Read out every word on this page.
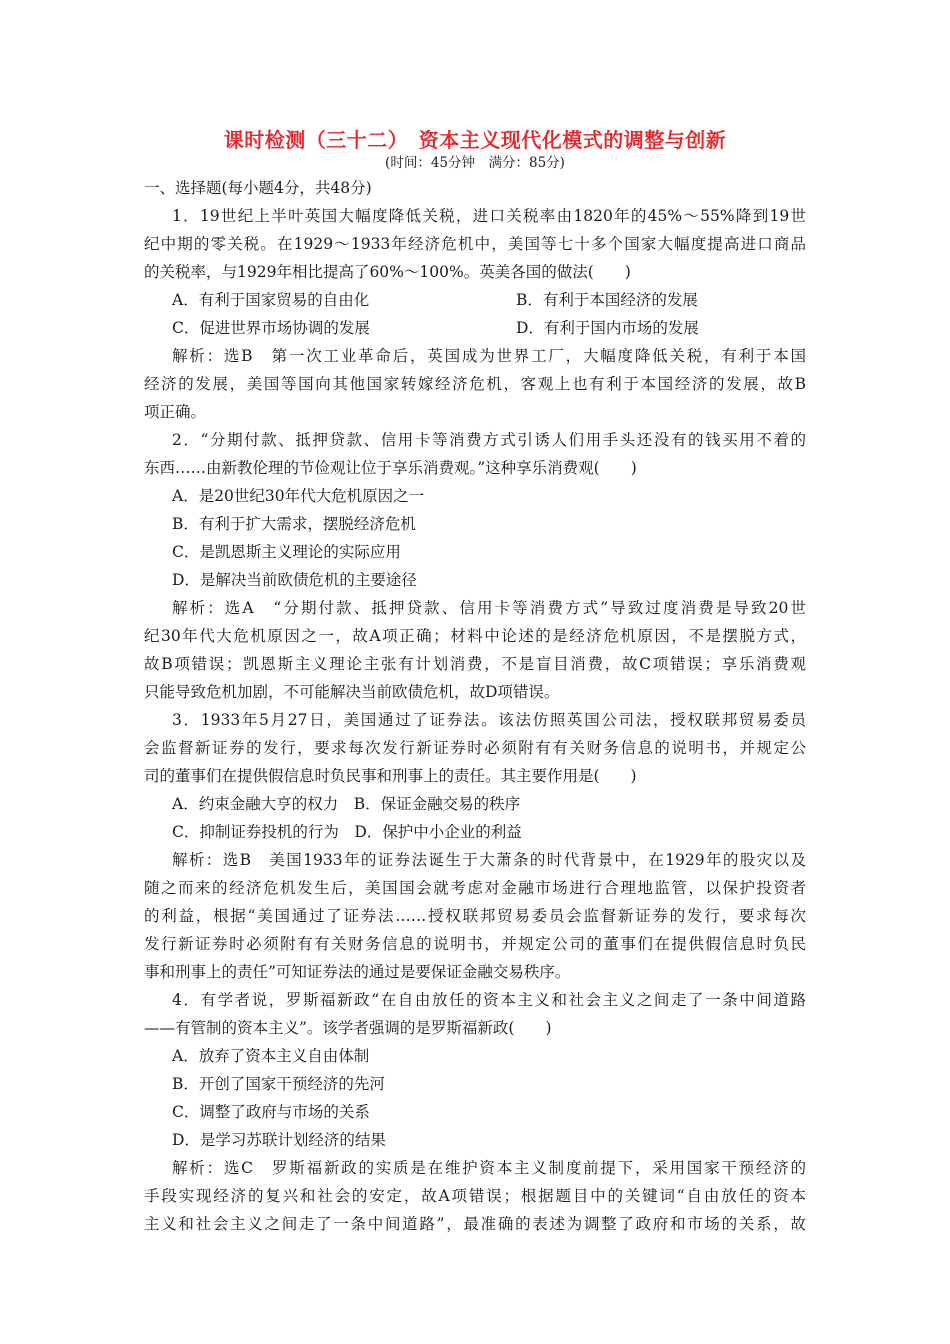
课时检测（三十二）　资本主义现代化模式的调整与创新
(时间：45分钟　满分：85分)
一、选择题(每小题4分，共48分)
1．19世纪上半叶英国大幅度降低关税，进口关税率由1820年的45%～55%降到19世
纪中期的零关税。在1929～1933年经济危机中，美国等七十多个国家大幅度提高进口商品
的关税率，与1929年相比提高了60%～100%。英美各国的做法(　　)
A．有利于国家贸易的自由化	B．有利于本国经济的发展
C．促进世界市场协调的发展	D．有利于国内市场的发展
解析：选B　第一次工业革命后，英国成为世界工厂，大幅度降低关税，有利于本国
经济的发展，美国等国向其他国家转嫁经济危机，客观上也有利于本国经济的发展，故B
项正确。
2．“分期付款、抵押贷款、信用卡等消费方式引诱人们用手头还没有的钱买用不着的
东西……由新教伦理的节俭观让位于享乐消费观。”这种享乐消费观(　　)
A．是20世纪30年代大危机原因之一
B．有利于扩大需求，摆脱经济危机
C．是凯恩斯主义理论的实际应用
D．是解决当前欧债危机的主要途径
解析：选A　“分期付款、抵押贷款、信用卡等消费方式”导致过度消费是导致20世
纪30年代大危机原因之一，故A项正确；材料中论述的是经济危机原因，不是摆脱方式，
故B项错误；凯恩斯主义理论主张有计划消费，不是盲目消费，故C项错误；享乐消费观
只能导致危机加剧，不可能解决当前欧债危机，故D项错误。
3．1933年5月27日，美国通过了证券法。该法仿照英国公司法，授权联邦贸易委员
会监督新证券的发行，要求每次发行新证券时必须附有有关财务信息的说明书，并规定公
司的董事们在提供假信息时负民事和刑事上的责任。其主要作用是(　　)
A．约束金融大亨的权力　B．保证金融交易的秩序
C．抑制证券投机的行为　D．保护中小企业的利益
解析：选B　美国1933年的证券法诞生于大萧条的时代背景中，在1929年的股灾以及
随之而来的经济危机发生后，美国国会就考虑对金融市场进行合理地监管，以保护投资者
的利益，根据“美国通过了证券法……授权联邦贸易委员会监督新证券的发行，要求每次
发行新证券时必须附有有关财务信息的说明书，并规定公司的董事们在提供假信息时负民
事和刑事上的责任”可知证券法的通过是要保证金融交易秩序。
4．有学者说，罗斯福新政“在自由放任的资本主义和社会主义之间走了一条中间道路
——有管制的资本主义”。该学者强调的是罗斯福新政(　　)
A．放弃了资本主义自由体制
B．开创了国家干预经济的先河
C．调整了政府与市场的关系
D．是学习苏联计划经济的结果
解析：选C　罗斯福新政的实质是在维护资本主义制度前提下，采用国家干预经济的
手段实现经济的复兴和社会的安定，故A项错误；根据题目中的关键词“自由放任的资本
主义和社会主义之间走了一条中间道路”，最准确的表述为调整了政府和市场的关系，故
